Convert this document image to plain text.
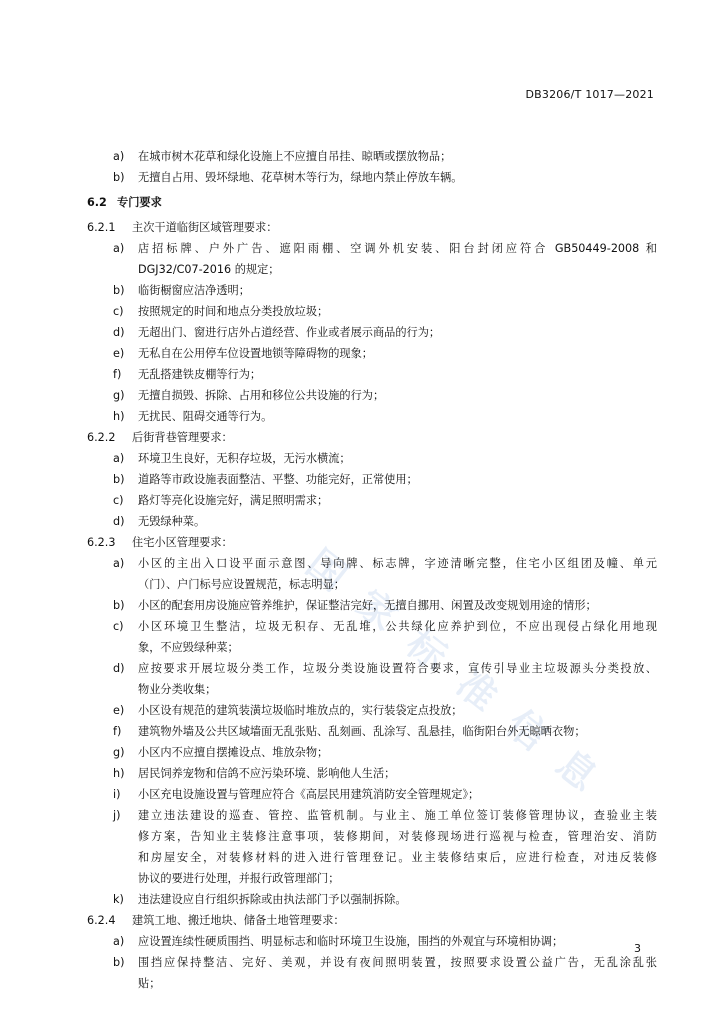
DB3206/T 1017—2021
国
家
标
准
信
息
a) 在城市树木花草和绿化设施上不应擅自吊挂、晾晒或摆放物品；
b) 无擅自占用、毁坏绿地、花草树木等行为，绿地内禁止停放车辆。
6.2 专门要求
6.2.1 主次干道临街区域管理要求：
a) 店招标牌、户外广告、遮阳雨棚、空调外机安装、阳台封闭应符合 GB50449-2008 和
DGJ32/C07-2016 的规定；
b) 临街橱窗应洁净透明；
c) 按照规定的时间和地点分类投放垃圾；
d) 无超出门、窗进行店外占道经营、作业或者展示商品的行为；
e) 无私自在公用停车位设置地锁等障碍物的现象；
f) 无乱搭建铁皮棚等行为；
g) 无擅自损毁、拆除、占用和移位公共设施的行为；
h) 无扰民、阻碍交通等行为。
6.2.2 后街背巷管理要求：
a) 环境卫生良好，无积存垃圾，无污水横流；
b) 道路等市政设施表面整洁、平整、功能完好，正常使用；
c) 路灯等亮化设施完好，满足照明需求；
d) 无毁绿种菜。
6.2.3 住宅小区管理要求：
a) 小区的主出入口设平面示意图、导向牌、标志牌，字迹清晰完整，住宅小区组团及幢、单元
（门）、户门标号应设置规范，标志明显；
b) 小区的配套用房设施应管养维护，保证整洁完好，无擅自挪用、闲置及改变规划用途的情形；
c) 小区环境卫生整洁，垃圾无积存、无乱堆，公共绿化应养护到位，不应出现侵占绿化用地现
象，不应毁绿种菜；
d) 应按要求开展垃圾分类工作，垃圾分类设施设置符合要求，宣传引导业主垃圾源头分类投放、
物业分类收集；
e) 小区设有规范的建筑装潢垃圾临时堆放点的，实行装袋定点投放；
f) 建筑物外墙及公共区域墙面无乱张贴、乱刻画、乱涂写、乱悬挂，临街阳台外无晾晒衣物；
g) 小区内不应擅自摆摊设点、堆放杂物；
h) 居民饲养宠物和信鸽不应污染环境、影响他人生活；
i) 小区充电设施设置与管理应符合《高层民用建筑消防安全管理规定》；
j) 建立违法建设的巡查、管控、监管机制。与业主、施工单位签订装修管理协议，查验业主装
修方案，告知业主装修注意事项，装修期间，对装修现场进行巡视与检查，管理治安、消防
和房屋安全，对装修材料的进入进行管理登记。业主装修结束后，应进行检查，对违反装修
协议的要进行处理，并报行政管理部门；
k) 违法建设应自行组织拆除或由执法部门予以强制拆除。
6.2.4 建筑工地、搬迁地块、储备土地管理要求：
a) 应设置连续性硬质围挡、明显标志和临时环境卫生设施，围挡的外观宜与环境相协调；
b) 围挡应保持整洁、完好、美观，并设有夜间照明装置，按照要求设置公益广告，无乱涂乱张
贴；
3
